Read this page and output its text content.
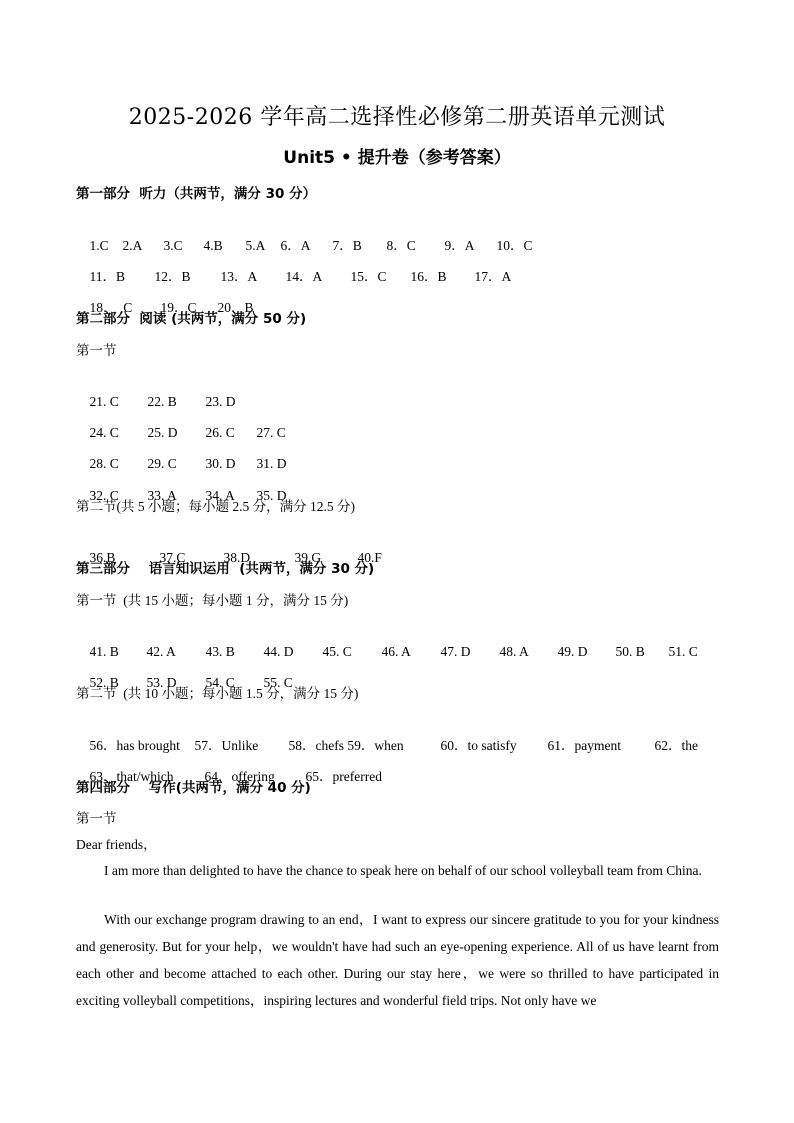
2025-2026 学年高二选择性必修第二册英语单元测试
Unit5 • 提升卷（参考答案）
第一部分  听力（共两节，满分 30 分）

1.C 2.A 3.C 4.B 5.A 6．A 7．B 8．C 9．A 10．C

11．B 12．B 13．A 14．A 15．C 16．B 17．A

18．  C 19．C 20．B

第二部分  阅读 (共两节，满分 50 分)
第一节

21. C 22. B 23. D

24. C 25. D 26. C 27. C

28. C 29. C 30. D 31. D

32. C 33. A 34. A 35. D

第二节(共 5 小题；每小题 2.5 分，满分 12.5 分)

36.B	37.C	38.D	39.G	40.F

第三部分    语言知识运用  (共两节，满分 30 分)
第一节  (共 15 小题；每小题 1 分，满分 15 分)

41. B 42. A 43. B 44. D 45. C 46. A 47. D 48. A 49. D 50. B 51. C

52. B 53. D 54. C 55. C

第二节  (共 10 小题；每小题 1.5 分，满分 15 分)

56．has brought 57．Unlike 58．chefs 59．when	60．to satisfy 61．payment 62．the

63．that/which 64．offering 65．preferred

第四部分    写作(共两节，满分 40 分)
第一节
Dear friends，
I am more than delighted to have the chance to speak here on behalf of our school volleyball team from China.
With our exchange program drawing to an end，I want to express our sincere gratitude to you for your kindness and generosity. But for your help，we wouldn't have had such an eye-opening experience. All of us have learnt from each other and become attached to each other. During our stay here，we were so thrilled to have participated in exciting volleyball competitions，inspiring lectures and wonderful field trips. Not only have we
